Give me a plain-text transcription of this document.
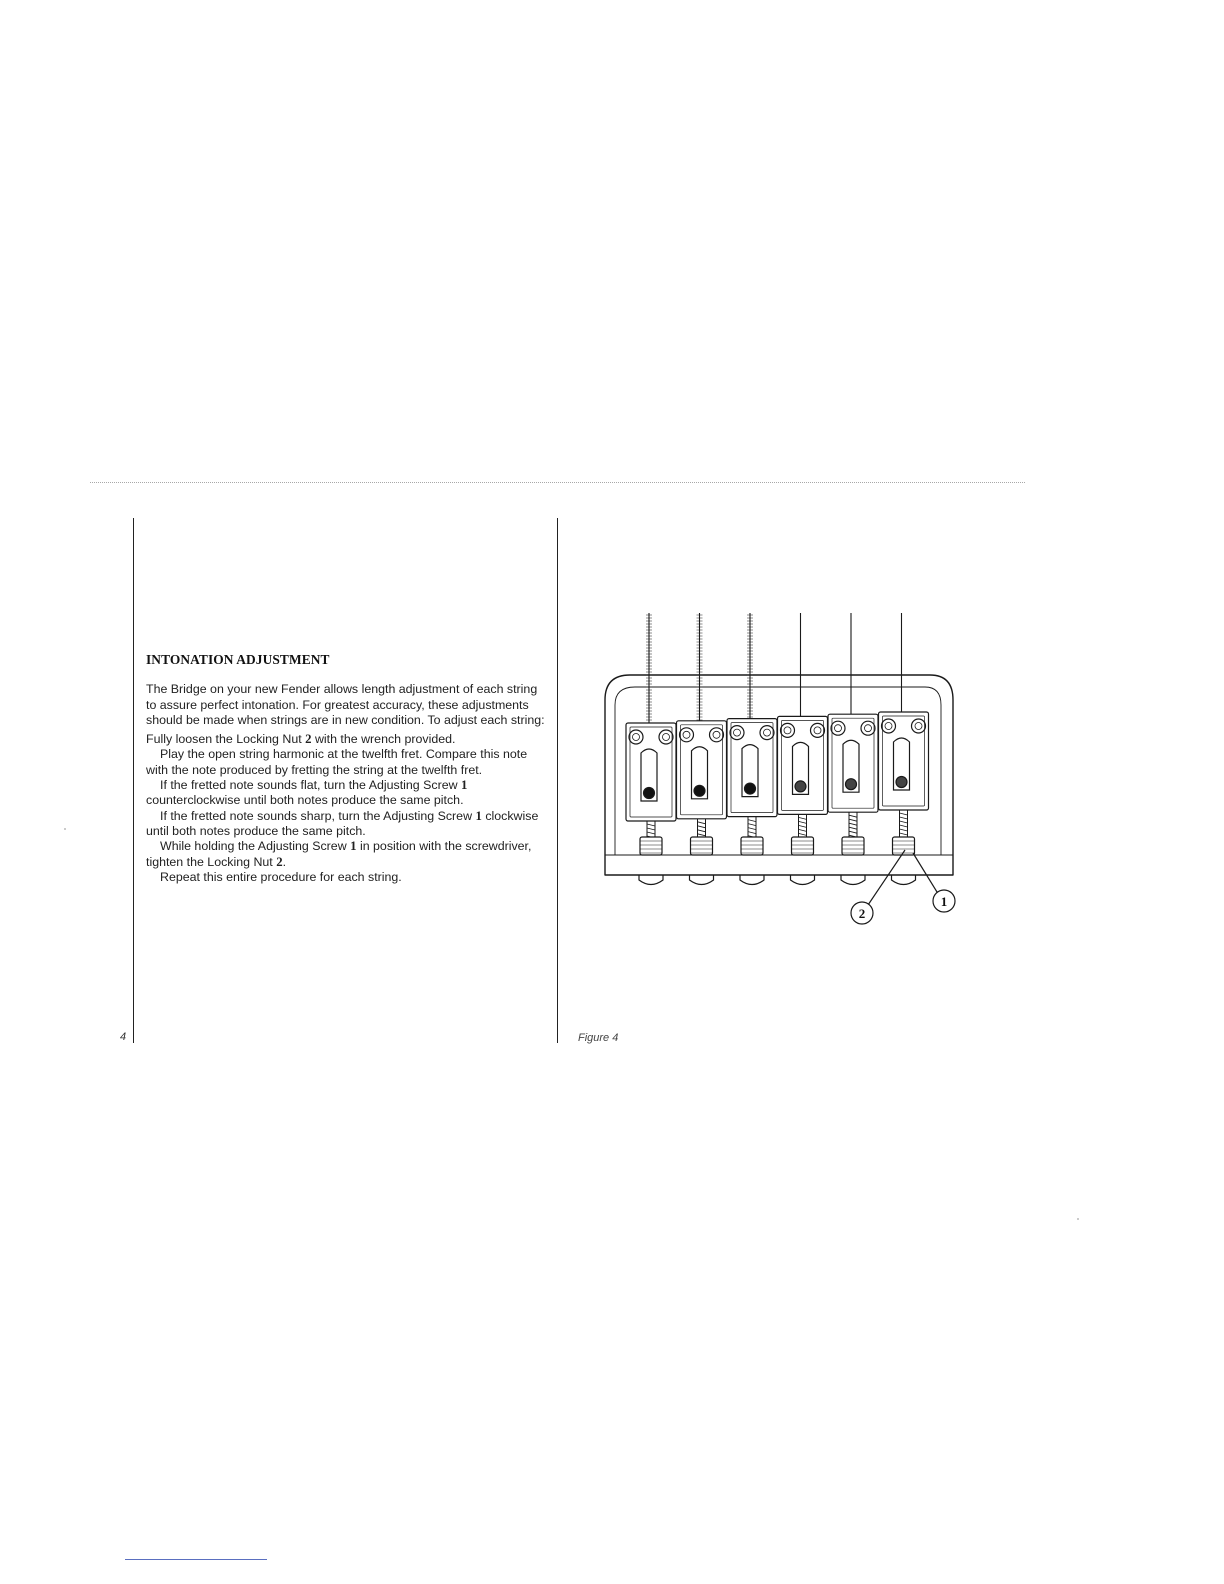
INTONATION ADJUSTMENT

The Bridge on your new Fender allows length adjustment of each string to assure perfect intonation. For greatest accuracy, these adjustments should be made when strings are in new condition. To adjust each string:

Fully loosen the Locking Nut 2 with the wrench provided.

Play the open string harmonic at the twelfth fret. Compare this note with the note produced by fretting the string at the twelfth fret.

If the fretted note sounds flat, turn the Adjusting Screw 1 counterclockwise until both notes produce the same pitch.

If the fretted note sounds sharp, turn the Adjusting Screw 1 clockwise until both notes produce the same pitch.

While holding the Adjusting Screw 1 in position with the screwdriver, tighten the Locking Nut 2.

Repeat this entire procedure for each string.

4	Figure 4
1
2
